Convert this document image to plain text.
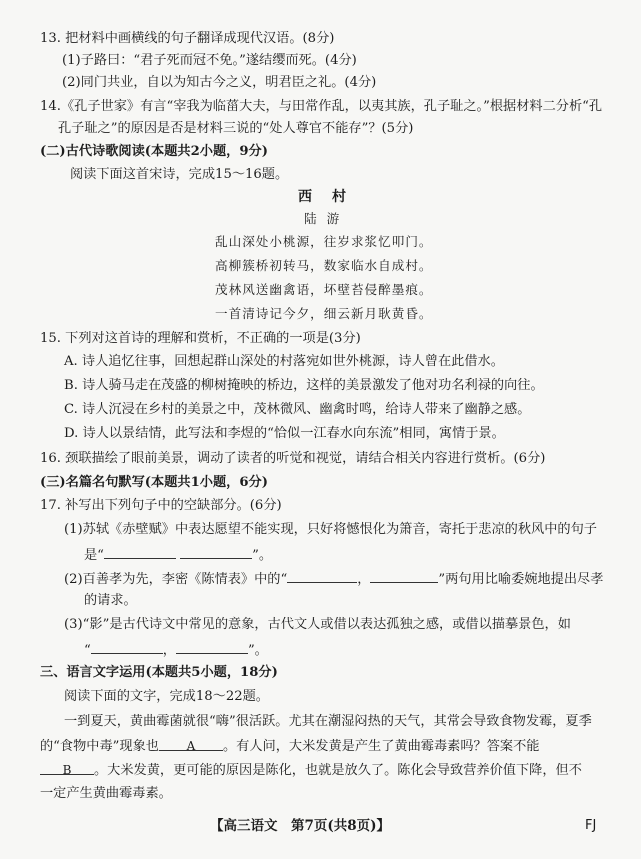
13. 把材料中画横线的句子翻译成现代汉语。(8分)
(1)子路曰：“君子死而冠不免。”遂结缨而死。(4分)
(2)同门共业，自以为知古今之义，明君臣之礼。(4分)
14.《孔子世家》有言“宰我为临菑大夫，与田常作乱，以夷其族，孔子耻之。”根据材料二分析“孔
孔子耻之”的原因是否是材料三说的“处人尊官不能存”？(5分)
(二)古代诗歌阅读(本题共2小题，9分)
阅读下面这首宋诗，完成15～16题。
西村
陆游
乱山深处小桃源，往岁求浆忆叩门。
高柳簇桥初转马，数家临水自成村。
茂林风送幽禽语，坏壁苔侵醉墨痕。
一首清诗记今夕，细云新月耿黄昏。
15. 下列对这首诗的理解和赏析，不正确的一项是(3分)
A. 诗人追忆往事，回想起群山深处的村落宛如世外桃源，诗人曾在此借水。
B. 诗人骑马走在茂盛的柳树掩映的桥边，这样的美景激发了他对功名利禄的向往。
C. 诗人沉浸在乡村的美景之中，茂林微风、幽禽时鸣，给诗人带来了幽静之感。
D. 诗人以景结情，此写法和李煜的“恰似一江春水向东流”相同，寓情于景。
16. 颈联描绘了眼前美景，调动了读者的听觉和视觉，请结合相关内容进行赏析。(6分)
(三)名篇名句默写(本题共1小题，6分)
17. 补写出下列句子中的空缺部分。(6分)
(1)苏轼《赤壁赋》中表达愿望不能实现，只好将憾恨化为箫音，寄托于悲凉的秋风中的句子
是“	”。
(2)百善孝为先，李密《陈情表》中的“	，	”两句用比喻委婉地提出尽孝
的请求。
(3)“影”是古代诗文中常见的意象，古代文人或借以表达孤独之感，或借以描摹景色，如
“	，	”。
三、语言文字运用(本题共5小题，18分)
阅读下面的文字，完成18～22题。
一到夏天，黄曲霉菌就很“嗨”很活跃。尤其在潮湿闷热的天气，其常会导致食物发霉，夏季
的“食物中毒”现象也 A 。有人问，大米发黄是产生了黄曲霉毒素吗？答案不能
B 。大米发黄，更可能的原因是陈化，也就是放久了。陈化会导致营养价值下降，但不
一定产生黄曲霉毒素。
【高三语文　第7页(共8页)】	FJ
